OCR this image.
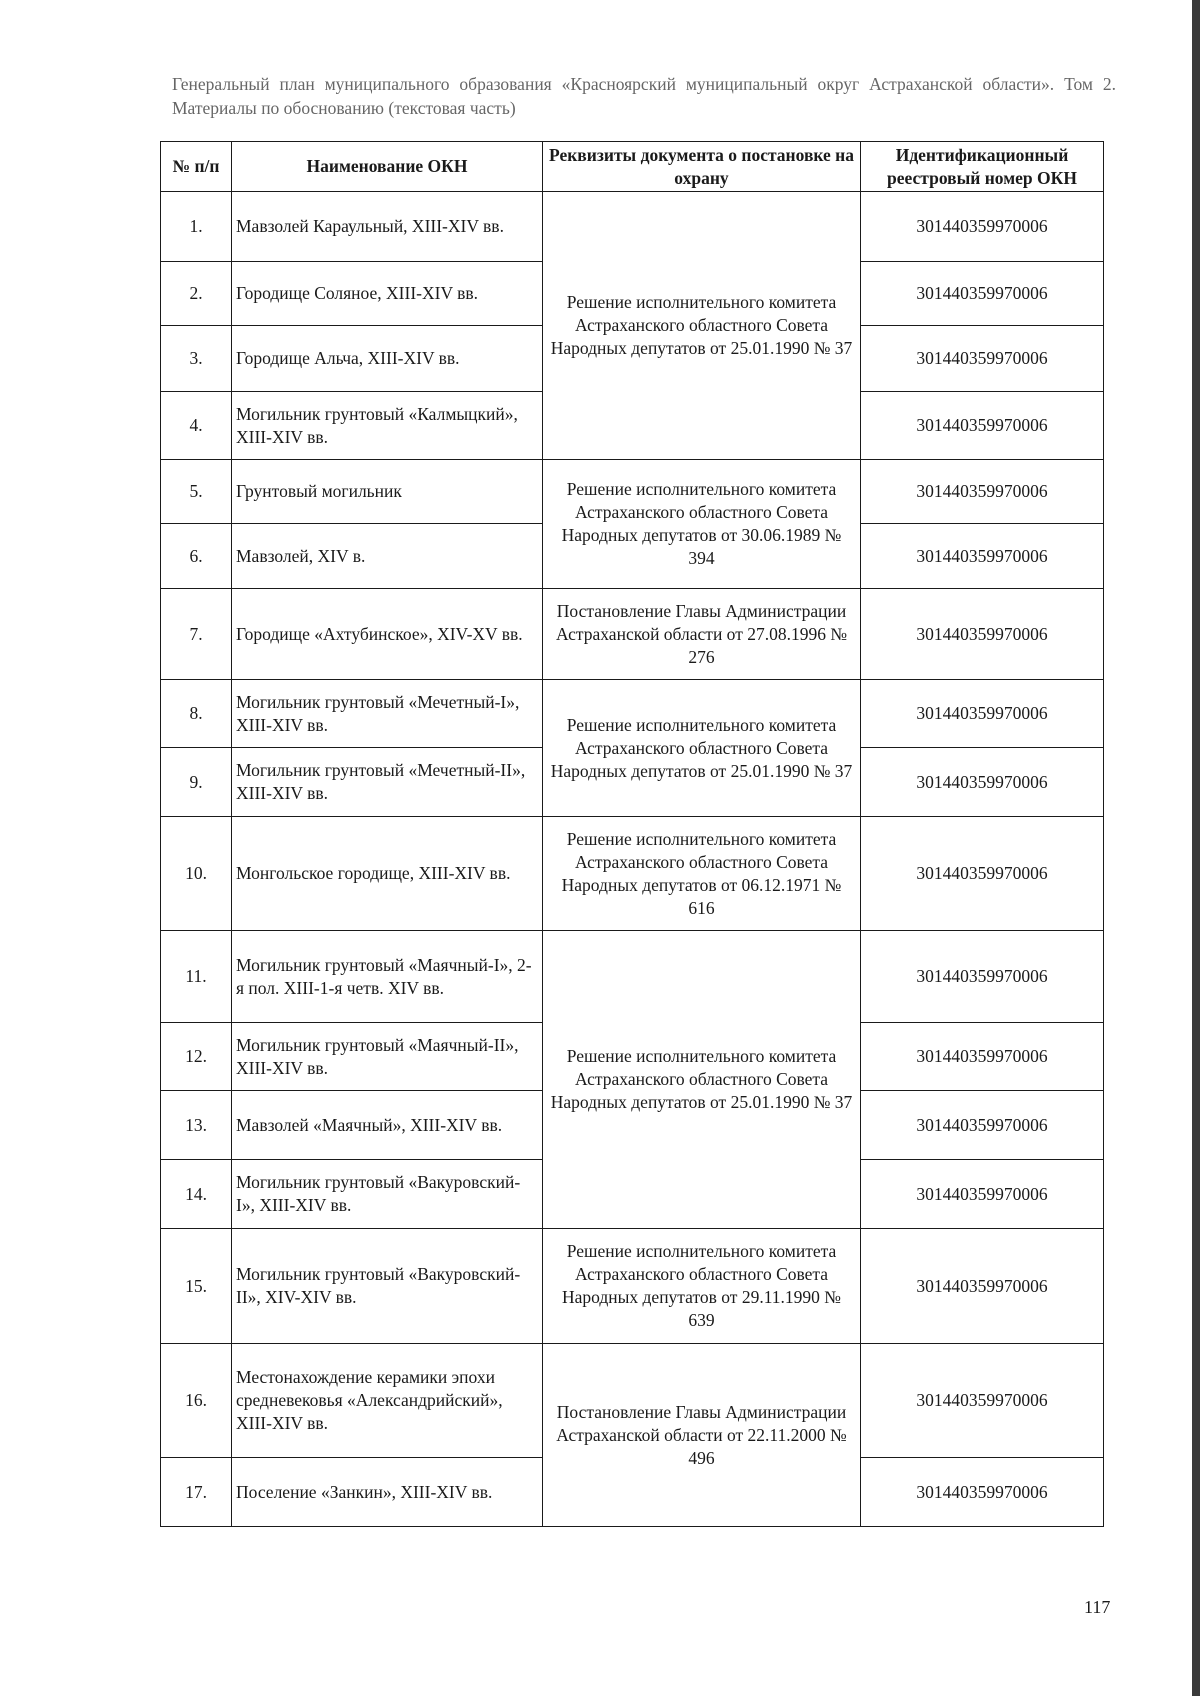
Генеральный план муниципального образования «Красноярский муниципальный округ Астраханской области». Том 2. Материалы по обоснованию (текстовая часть)
№ п/п	Наименование ОКН	Реквизиты документа о постановке на охрану	Идентификационный реестровый номер ОКН
1.	Мавзолей Караульный, XIII-XIV вв.	Решение исполнительного комитета Астраханского областного Совета Народных депутатов от 25.01.1990 № 37	301440359970006
2.	Городище Соляное, XIII-XIV вв.		301440359970006
3.	Городище Альча, XIII-XIV вв.		301440359970006
4.	Могильник грунтовый «Калмыцкий», XIII-XIV вв.		301440359970006
5.	Грунтовый могильник	Решение исполнительного комитета Астраханского областного Совета Народных депутатов от 30.06.1989 № 394	301440359970006
6.	Мавзолей, XIV в.		301440359970006
7.	Городище «Ахтубинское», XIV-XV вв.	Постановление Главы Администрации Астраханской области от 27.08.1996 № 276	301440359970006
8.	Могильник грунтовый «Мечетный-I», XIII-XIV вв.	Решение исполнительного комитета Астраханского областного Совета Народных депутатов от 25.01.1990 № 37	301440359970006
9.	Могильник грунтовый «Мечетный-II», XIII-XIV вв.		301440359970006
10.	Монгольское городище, XIII-XIV вв.	Решение исполнительного комитета Астраханского областного Совета Народных депутатов от 06.12.1971 № 616	301440359970006
11.	Могильник грунтовый «Маячный-I», 2-я пол. XIII-1-я четв. XIV вв.	Решение исполнительного комитета Астраханского областного Совета Народных депутатов от 25.01.1990 № 37	301440359970006
12.	Могильник грунтовый «Маячный-II», XIII-XIV вв.		301440359970006
13.	Мавзолей «Маячный», XIII-XIV вв.		301440359970006
14.	Могильник грунтовый «Вакуровский-I», XIII-XIV вв.		301440359970006
15.	Могильник грунтовый «Вакуровский-II», XIV-XIV вв.	Решение исполнительного комитета Астраханского областного Совета Народных депутатов от 29.11.1990 № 639	301440359970006
16.	Местонахождение керамики эпохи средневековья «Александрийский», XIII-XIV вв.	Постановление Главы Администрации Астраханской области от 22.11.2000 № 496	301440359970006
17.	Поселение «Занкин», XIII-XIV вв.		301440359970006
117
